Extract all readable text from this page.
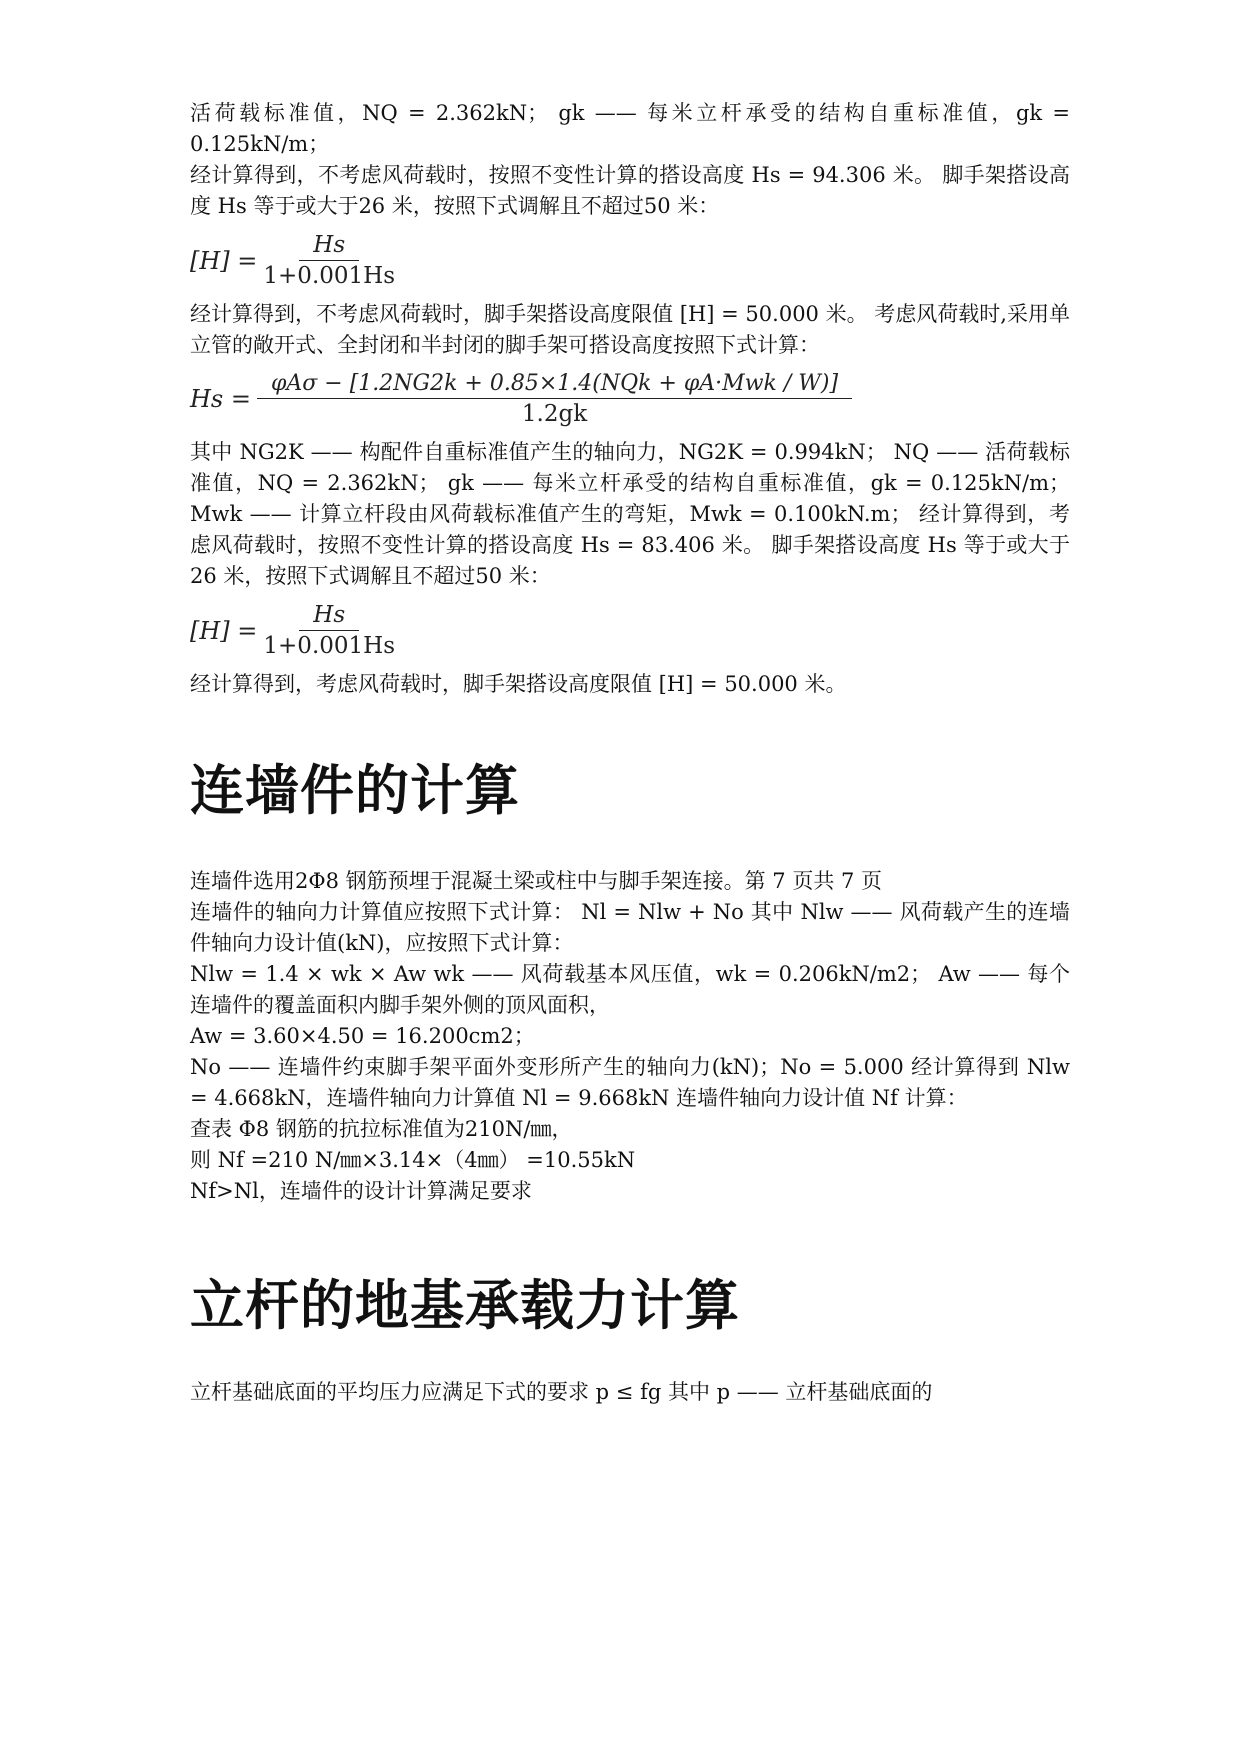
活荷载标准值，NQ = 2.362kN； gk —— 每米立杆承受的结构自重标准值，gk = 0.125kN/m；

经计算得到，不考虑风荷载时，按照不变性计算的搭设高度 Hs = 94.306 米。 脚手架搭设高度 Hs 等于或大于26 米，按照下式调解且不超过50 米：

$[H] = \frac{Hs}{1+0.001Hs}$

经计算得到，不考虑风荷载时，脚手架搭设高度限值 [H] = 50.000 米。 考虑风荷载时,采用单立管的敞开式、全封闭和半封闭的脚手架可搭设高度按照下式计算：

$Hs = \frac{\text{φAσ − [1.2NG2k + 0.85×1.4(NQk + φA·Mwk / W)]}}{1.2gk}$

其中 NG2K —— 构配件自重标准值产生的轴向力，NG2K = 0.994kN； NQ —— 活荷载标准值，NQ = 2.362kN； gk —— 每米立杆承受的结构自重标准值，gk = 0.125kN/m； Mwk —— 计算立杆段由风荷载标准值产生的弯矩，Mwk = 0.100kN.m； 经计算得到，考虑风荷载时，按照不变性计算的搭设高度 Hs = 83.406 米。 脚手架搭设高度 Hs 等于或大于26 米，按照下式调解且不超过50 米：

$[H] = \frac{Hs}{1+0.001Hs}$

经计算得到，考虑风荷载时，脚手架搭设高度限值 [H] = 50.000 米。

连墙件的计算

连墙件选用2Φ8 钢筋预埋于混凝土梁或柱中与脚手架连接。第 7 页共 7 页

连墙件的轴向力计算值应按照下式计算： Nl = Nlw + No 其中 Nlw —— 风荷载产生的连墙件轴向力设计值(kN)，应按照下式计算：

Nlw = 1.4 × wk × Aw wk —— 风荷载基本风压值，wk = 0.206kN/m2； Aw —— 每个连墙件的覆盖面积内脚手架外侧的顶风面积，

Aw = 3.60×4.50 = 16.200cm2；

No —— 连墙件约束脚手架平面外变形所产生的轴向力(kN)；No = 5.000 经计算得到 Nlw = 4.668kN，连墙件轴向力计算值 Nl = 9.668kN 连墙件轴向力设计值 Nf 计算：

查表 Φ8 钢筋的抗拉标准值为210N/㎜，

则 Nf =210 N/㎜×3.14×（4㎜） =10.55kN

Nf>Nl，连墙件的设计计算满足要求

立杆的地基承载力计算

立杆基础底面的平均压力应满足下式的要求 p ≤ fg 其中 p —— 立杆基础底面的
